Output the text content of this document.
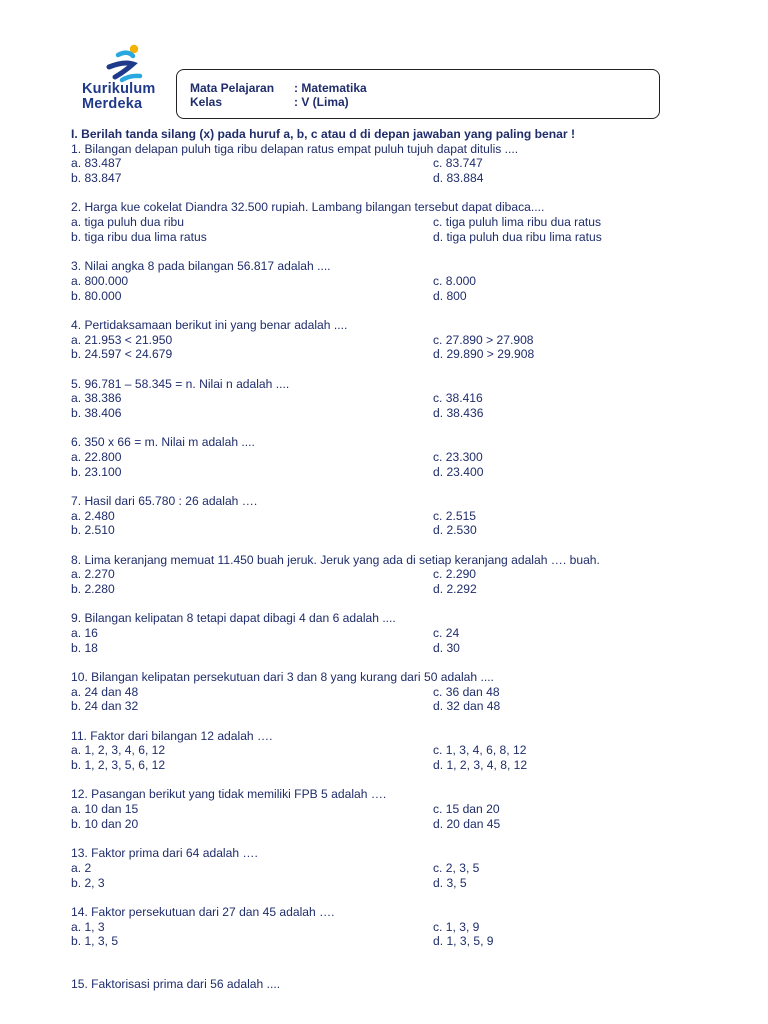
Kurikulum
Merdeka
Mata Pelajaran : Matematika
Kelas	: V (Lima)
I. Berilah tanda silang (x) pada huruf a, b, c atau d di depan jawaban yang paling benar !
1. Bilangan delapan puluh tiga ribu delapan ratus empat puluh tujuh dapat ditulis ....
a. 83.487	c. 83.747
b. 83.847	d. 83.884
2. Harga kue cokelat Diandra 32.500 rupiah. Lambang bilangan tersebut dapat dibaca....
a. tiga puluh dua ribu	c. tiga puluh lima ribu dua ratus
b. tiga ribu dua lima ratus	d. tiga puluh dua ribu lima ratus
3. Nilai angka 8 pada bilangan 56.817 adalah ....
a. 800.000	c. 8.000
b. 80.000	d. 800
4. Pertidaksamaan berikut ini yang benar adalah ....
a. 21.953 < 21.950	c. 27.890 > 27.908
b. 24.597 < 24.679	d. 29.890 > 29.908
5. 96.781 – 58.345 = n. Nilai n adalah ....
a. 38.386	c. 38.416
b. 38.406	d. 38.436
6. 350 x 66 = m. Nilai m adalah ....
a. 22.800	c. 23.300
b. 23.100	d. 23.400
7. Hasil dari 65.780 : 26 adalah ….
a. 2.480	c. 2.515
b. 2.510	d. 2.530
8. Lima keranjang memuat 11.450 buah jeruk. Jeruk yang ada di setiap keranjang adalah …. buah.
a. 2.270	c. 2.290
b. 2.280	d. 2.292
9. Bilangan kelipatan 8 tetapi dapat dibagi 4 dan 6 adalah ....
a. 16	c. 24
b. 18	d. 30
10. Bilangan kelipatan persekutuan dari 3 dan 8 yang kurang dari 50 adalah ....
a. 24 dan 48	c. 36 dan 48
b. 24 dan 32	d. 32 dan 48
11. Faktor dari bilangan 12 adalah ….
a. 1, 2, 3, 4, 6, 12	c. 1, 3, 4, 6, 8, 12
b. 1, 2, 3, 5, 6, 12	d. 1, 2, 3, 4, 8, 12
12. Pasangan berikut yang tidak memiliki FPB 5 adalah ….
a. 10 dan 15	c. 15 dan 20
b. 10 dan 20	d. 20 dan 45
13. Faktor prima dari 64 adalah ….
a. 2	c. 2, 3, 5
b. 2, 3	d. 3, 5
14. Faktor persekutuan dari 27 dan 45 adalah ….
a. 1, 3	c. 1, 3, 9
b. 1, 3, 5	d. 1, 3, 5, 9
15. Faktorisasi prima dari 56 adalah ....
